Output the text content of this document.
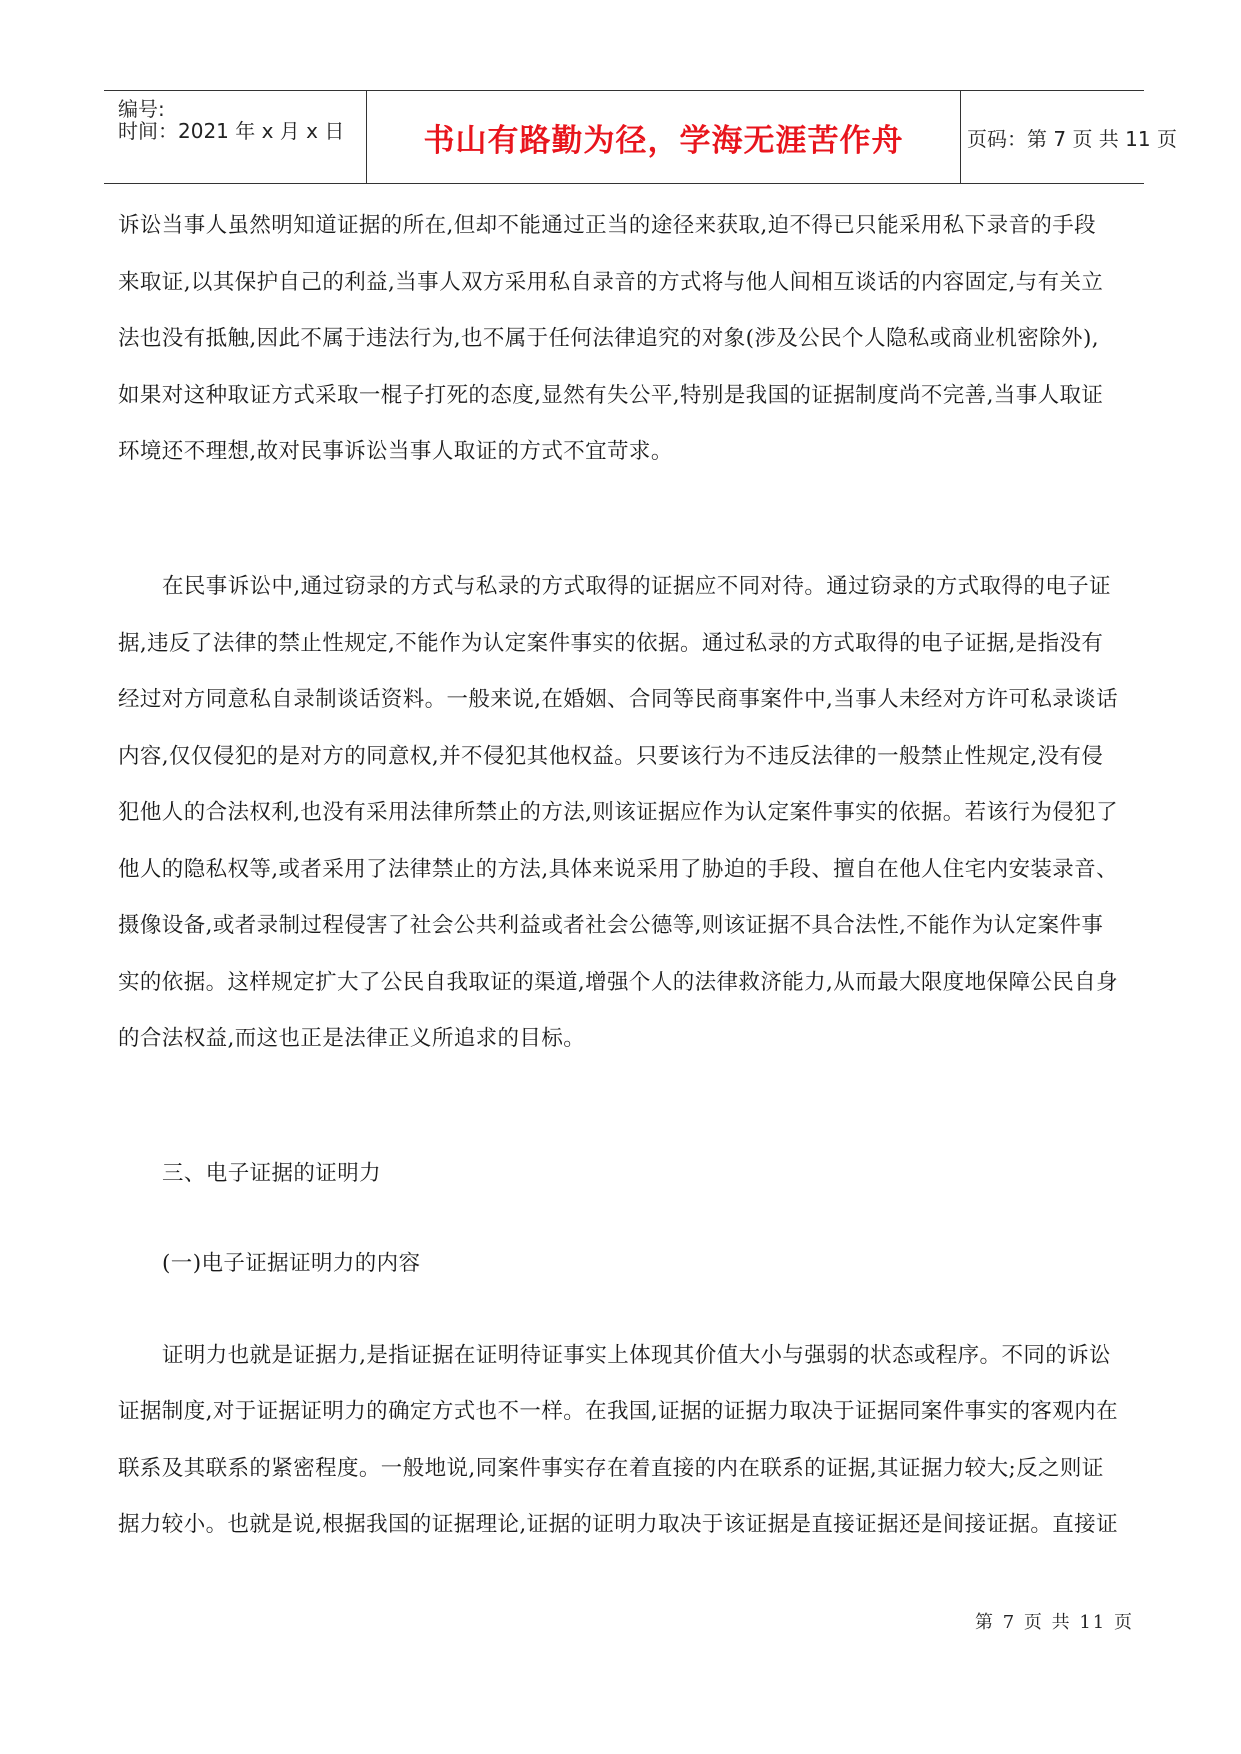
编号:
时间：2021 年 x 月 x 日	书山有路勤为径，学海无涯苦作舟	页码：第 7 页 共 11 页
诉讼当事人虽然明知道证据的所在,但却不能通过正当的途径来获取,迫不得已只能采用私下录音的手段
来取证,以其保护自己的利益,当事人双方采用私自录音的方式将与他人间相互谈话的内容固定,与有关立
法也没有抵触,因此不属于违法行为,也不属于任何法律追究的对象(涉及公民个人隐私或商业机密除外),
如果对这种取证方式采取一棍子打死的态度,显然有失公平,特别是我国的证据制度尚不完善,当事人取证
环境还不理想,故对民事诉讼当事人取证的方式不宜苛求。
在民事诉讼中,通过窃录的方式与私录的方式取得的证据应不同对待。通过窃录的方式取得的电子证
据,违反了法律的禁止性规定,不能作为认定案件事实的依据。通过私录的方式取得的电子证据,是指没有
经过对方同意私自录制谈话资料。一般来说,在婚姻、合同等民商事案件中,当事人未经对方许可私录谈话
内容,仅仅侵犯的是对方的同意权,并不侵犯其他权益。只要该行为不违反法律的一般禁止性规定,没有侵
犯他人的合法权利,也没有采用法律所禁止的方法,则该证据应作为认定案件事实的依据。若该行为侵犯了
他人的隐私权等,或者采用了法律禁止的方法,具体来说采用了胁迫的手段、擅自在他人住宅内安装录音、
摄像设备,或者录制过程侵害了社会公共利益或者社会公德等,则该证据不具合法性,不能作为认定案件事
实的依据。这样规定扩大了公民自我取证的渠道,增强个人的法律救济能力,从而最大限度地保障公民自身
的合法权益,而这也正是法律正义所追求的目标。
三、电子证据的证明力
(一)电子证据证明力的内容
证明力也就是证据力,是指证据在证明待证事实上体现其价值大小与强弱的状态或程序。不同的诉讼
证据制度,对于证据证明力的确定方式也不一样。在我国,证据的证据力取决于证据同案件事实的客观内在
联系及其联系的紧密程度。一般地说,同案件事实存在着直接的内在联系的证据,其证据力较大;反之则证
据力较小。也就是说,根据我国的证据理论,证据的证明力取决于该证据是直接证据还是间接证据。直接证
第 7 页 共 11 页
